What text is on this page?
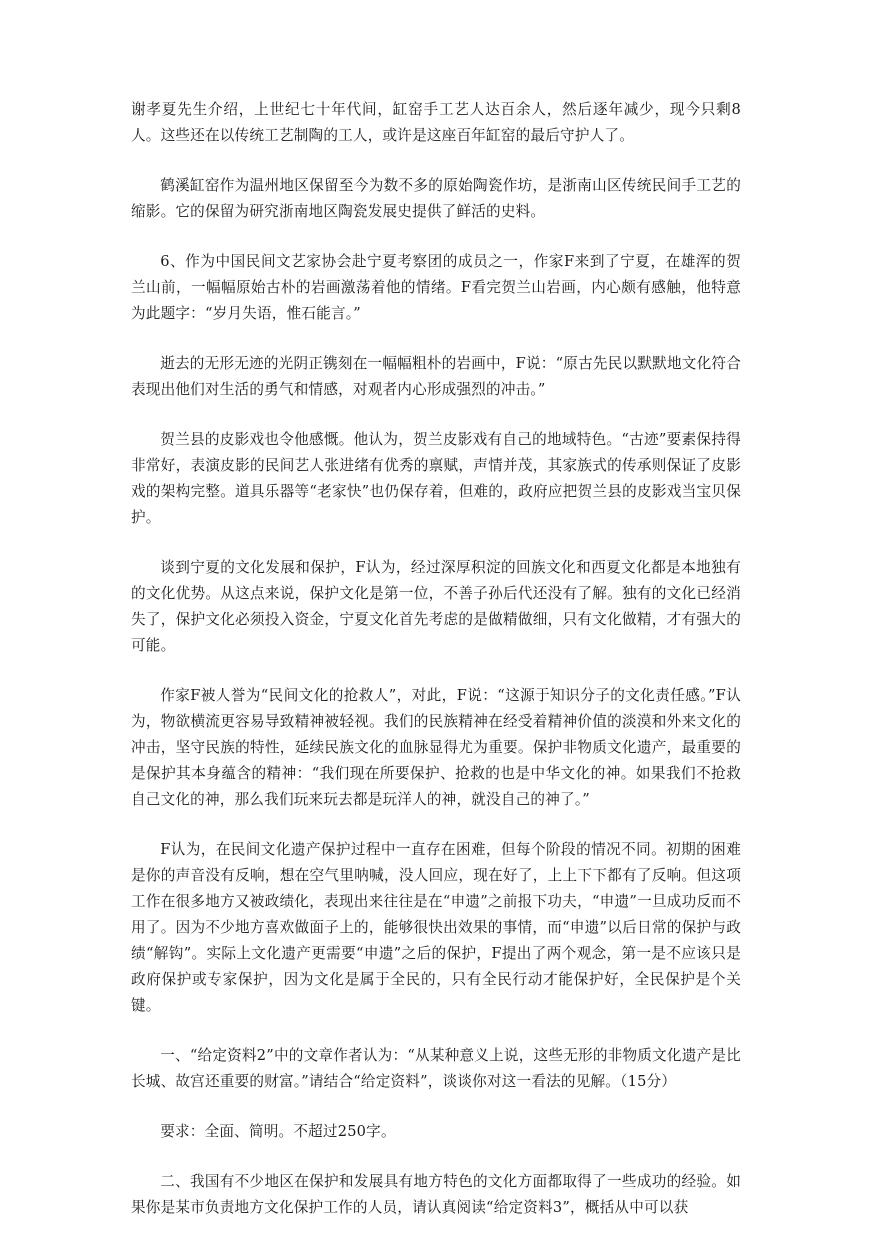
谢孝夏先生介绍，上世纪七十年代间，缸窑手工艺人达百余人，然后逐年减少，现今只剩8人。这些还在以传统工艺制陶的工人，或许是这座百年缸窑的最后守护人了。

鹤溪缸窑作为温州地区保留至今为数不多的原始陶瓷作坊，是浙南山区传统民间手工艺的缩影。它的保留为研究浙南地区陶瓷发展史提供了鲜活的史料。

6、作为中国民间文艺家协会赴宁夏考察团的成员之一，作家F来到了宁夏，在雄浑的贺兰山前，一幅幅原始古朴的岩画激荡着他的情绪。F看完贺兰山岩画，内心颇有感触，他特意为此题字：“岁月失语，惟石能言。”

逝去的无形无迹的光阴正镌刻在一幅幅粗朴的岩画中，F说：“原古先民以默默地文化符合表现出他们对生活的勇气和情感，对观者内心形成强烈的冲击。”

贺兰县的皮影戏也令他感慨。他认为，贺兰皮影戏有自己的地域特色。“古迹”要素保持得非常好，表演皮影的民间艺人张进绪有优秀的禀赋，声情并茂，其家族式的传承则保证了皮影戏的架构完整。道具乐器等“老家快”也仍保存着，但难的，政府应把贺兰县的皮影戏当宝贝保护。

谈到宁夏的文化发展和保护，F认为，经过深厚积淀的回族文化和西夏文化都是本地独有的文化优势。从这点来说，保护文化是第一位，不善子孙后代还没有了解。独有的文化已经消失了，保护文化必须投入资金，宁夏文化首先考虑的是做精做细，只有文化做精，才有强大的可能。

作家F被人誉为“民间文化的抢救人”，对此，F说：“这源于知识分子的文化责任感。”F认为，物欲横流更容易导致精神被轻视。我们的民族精神在经受着精神价值的淡漠和外来文化的冲击，坚守民族的特性，延续民族文化的血脉显得尤为重要。保护非物质文化遗产，最重要的是保护其本身蕴含的精神：“我们现在所要保护、抢救的也是中华文化的神。如果我们不抢救自己文化的神，那么我们玩来玩去都是玩洋人的神，就没自己的神了。”

F认为，在民间文化遗产保护过程中一直存在困难，但每个阶段的情况不同。初期的困难是你的声音没有反响，想在空气里呐喊，没人回应，现在好了，上上下下都有了反响。但这项工作在很多地方又被政绩化，表现出来往往是在“申遗”之前报下功夫，“申遗”一旦成功反而不用了。因为不少地方喜欢做面子上的，能够很快出效果的事情，而“申遗”以后日常的保护与政绩“解钩”。实际上文化遗产更需要“申遗”之后的保护，F提出了两个观念，第一是不应该只是政府保护或专家保护，因为文化是属于全民的，只有全民行动才能保护好，全民保护是个关键。

一、“给定资料2”中的文章作者认为：“从某种意义上说，这些无形的非物质文化遗产是比长城、故宫还重要的财富。”请结合“给定资料”，谈谈你对这一看法的见解。（15分）

要求：全面、简明。不超过250字。

二、我国有不少地区在保护和发展具有地方特色的文化方面都取得了一些成功的经验。如果你是某市负责地方文化保护工作的人员，请认真阅读“给定资料3”，概括从中可以获
